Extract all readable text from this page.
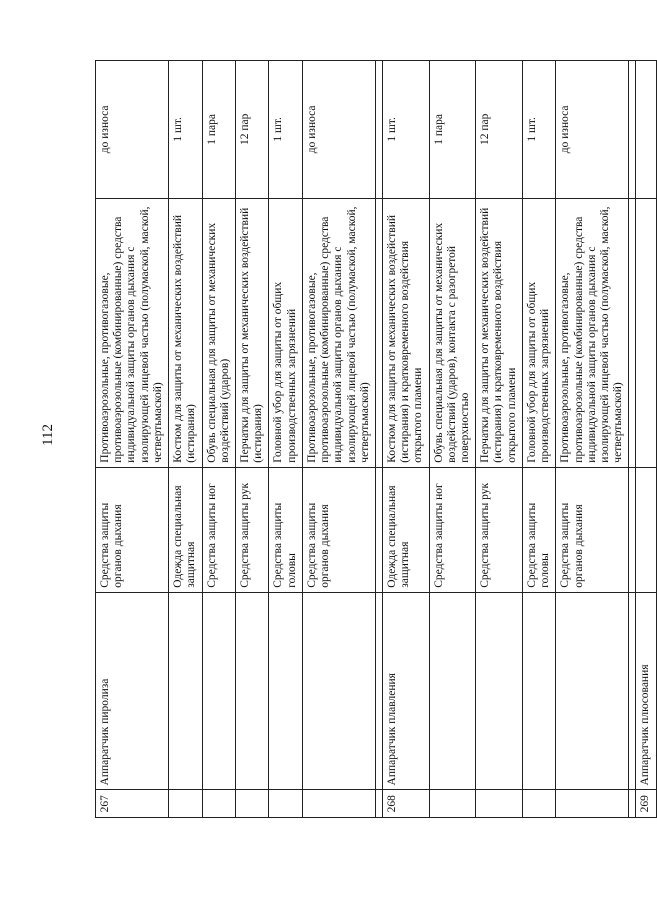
112
267	Аппаратчик пиролиза	Средства защиты органов дыхания	Противоаэрозольные, противогазовые, противоаэрозольные (комбинированные) средства индивидуальной защиты органов дыхания с изолирующей лицевой частью (полумаской, маской, четвертьмаской)	до износа
		Одежда специальная защитная	Костюм для защиты от механических воздействий (истирания)	1 шт.
		Средства защиты ног	Обувь специальная для защиты от механических воздействий (ударов)	1 пара
		Средства защиты рук	Перчатки для защиты от механических воздействий (истирания)	12 пар
		Средства защиты головы	Головной убор для защиты от общих производственных загрязнений	1 шт.
		Средства защиты органов дыхания	Противоаэрозольные, противогазовые, противоаэрозольные (комбинированные) средства индивидуальной защиты органов дыхания с изолирующей лицевой частью (полумаской, маской, четвертьмаской)	до износа

268	Аппаратчик плавления	Одежда специальная защитная	Костюм для защиты от механических воздействий (истирания) и кратковременного воздействия открытого пламени	1 шт.
		Средства защиты ног	Обувь специальная для защиты от механических воздействий (ударов), контакта с разогретой поверхностью	1 пара
		Средства защиты рук	Перчатки для защиты от механических воздействий (истирания) и кратковременного воздействия открытого пламени	12 пар
		Средства защиты головы	Головной убор для защиты от общих производственных загрязнений	1 шт.
		Средства защиты органов дыхания	Противоаэрозольные, противогазовые, противоаэрозольные (комбинированные) средства индивидуальной защиты органов дыхания с изолирующей лицевой частью (полумаской, маской, четвертьмаской)	до износа

269	Аппаратчик плюсования			
